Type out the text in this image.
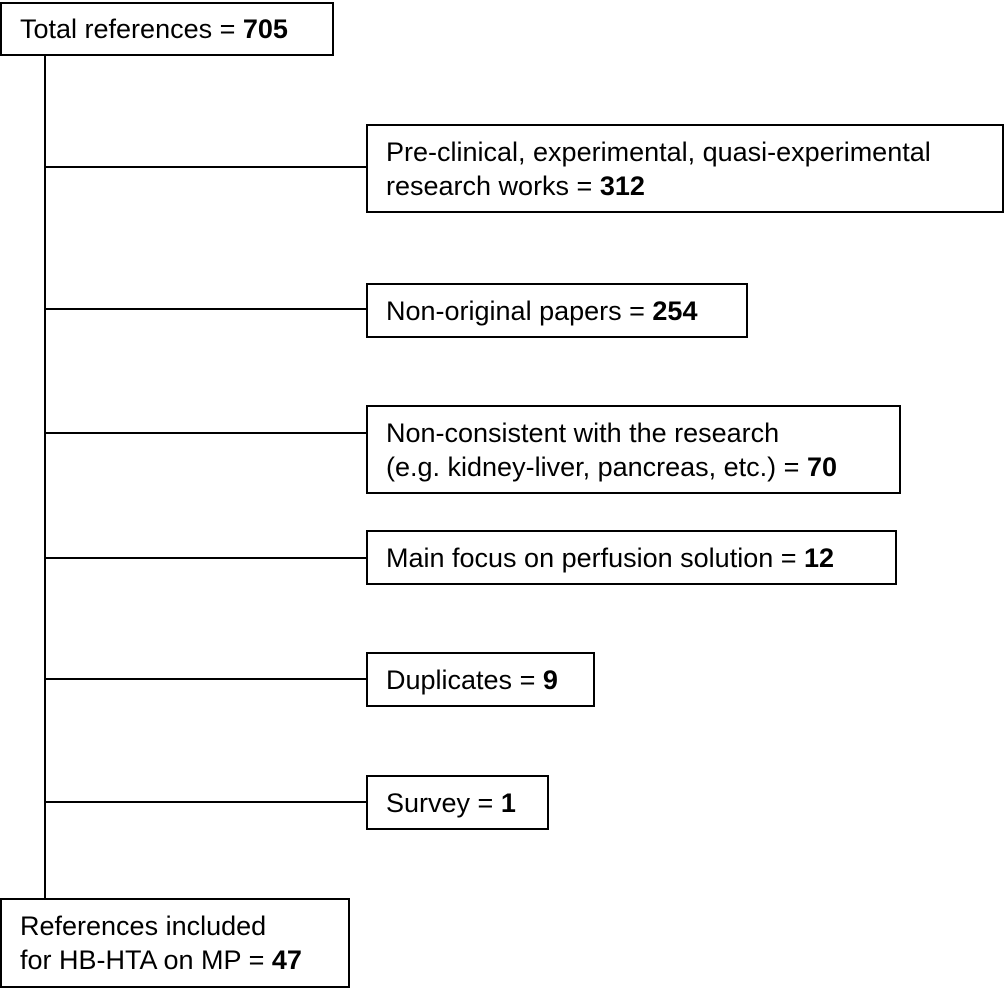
Total references = 705
Pre-clinical, experimental, quasi-experimental
research works = 312
Non-original papers = 254
Non-consistent with the research
(e.g. kidney-liver, pancreas, etc.) = 70
Main focus on perfusion solution = 12
Duplicates = 9
Survey = 1
References included
for HB-HTA on MP = 47
